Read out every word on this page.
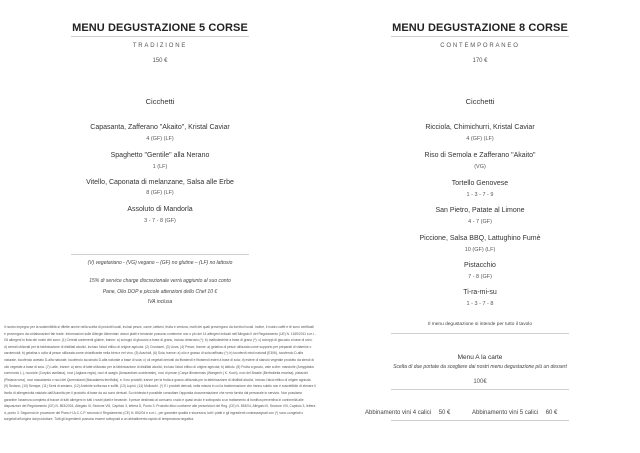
MENU DEGUSTAZIONE 5 CORSE
TRADIZIONE
150 €
Cicchetti
Capasanta, Zafferano "Akaito", Kristal Caviar
4 (GF) (LF)
Spaghetto "Gentile" alla Nerano
1 (LF)
Vitello, Caponata di melanzane, Salsa alle Erbe
8 (GF) (LF)
Assoluto di Mandorla
3 - 7 - 8 (GF)
(V) vegetariano - (VG) vegano – (GF) no glutine – (LF) no lattosio
15% di service charge discrezionale verrà aggiunto al suo conto
Pane, Olio DOP e piccole attenzioni dello Chef 10 €
IVA inclusa
Il nostro impegno per la sostenibilità si riflette anche nella scelta di prodotti locali, inclusi pesce, carne, latticini, frutta e verdura, molti dei quali provengono da fornitori locali. Inoltre, il nostro caffè e tè sono certificati e provengono da collaborazioni fair trade. Informazioni sulle Allergie Alimentari: alcuni piatti e bevande possono contenere uno o più dei 14 allergeni indicati nell'Allegato II del Regolamento (UE) N. 1169/2011 s.m.i.. Gli allergeni in lista dei nostri cibi sono: (1) Cereali contenenti glutine, tranne: a) sciroppi di glucosio a base di grano, incluso destrosio (*); b) maltodestrine a base di grano (*); c) sciroppi di glucosio a base di orzo; d) cereali utilizzati per la fabbricazione di distillati alcolici, incluso l'alcol etilico di origine agricola. (2) Crostacei, (3) Uova, (4) Pesce, tranne: a) gelatina di pesce utilizzata come supporto per preparati di vitamine o carotenoidi; b) gelatina o colla di pesce utilizzata come chiarificante nella birra e nel vino. (5) Arachidi, (6) Soia, tranne: a) olio e grasso di soia raffinato (*); b) tocoferoli misti naturali (E306), tocoferolo D-alfa naturale, tocoferolo acetato D-alfa naturale, tocoferolo succinato D-alfa naturale a base di soia; c) oli vegetali derivati da fitosteroli e fitosteroli esteri a base di soia; d) estere di stanolo vegetale prodotto da steroli di olio vegetale a base di soia. (7) Latte, tranne: a) siero di latte utilizzato per la fabbricazione di distillati alcolici, incluso l'alcol etilico di origine agricola; b) lattiolo. (8) Frutta a guscio, vale a dire: mandorle (Amygdalus communis L.), nocciole (Corylus avellana), noci (Juglans regia), noci di acagiù (Anacardium occidentale), noci di pecan (Carya illinoinensis (Wangenh.) K. Koch), noci del Brasile (Bertholletia excelsa), pistacchi (Pistacia vera), noci macadamia o noci del Queensland (Macadamia ternifolia), e i loro prodotti, tranne per la frutta a guscio utilizzata per la fabbricazione di distillati alcolici, incluso l'alcol etilico di origine agricola. (9) Sedano, (10) Senape, (11) Semi di sesamo, (12) Anidride solforosa e solfiti, (13) Lupini, (14) Molluschi. (*) E i prodotti derivati, nella misura in cui la trasformazione che hanno subito non è suscettibile di elevare il livello di allergenicità valutato dall'Autorità per il prodotto di base da cui sono derivati. Su richiesta è possibile consultare l'apposita documentazione che verrà fornita dal personale in servizio. Non possiamo garantire l'assenza completa di tracce di tutti allergeni in tutti i nostri piatti e bevande. Il pesce destinato al consumo crudo e quasi crudo è sottoposto a un trattamento di bonifica preventiva in conformità alle disposizioni del Regolamento (CE) N. 853/2004, Allegato III, Sezione VIII, Capitolo 3, lettera D, Punto 3. Prodotto ittico conforme alle prescrizioni del Reg. (CE) N. 853/04, Allegato III, Sezione VIII, Capitolo 3, lettera d, punto 3. Seguendo le procedure del Piano H.A.C.C.P. secondo il Regolamento (CE) N. 852/04 e s.m.i., per garantire qualità e sicurezza, tutti i piatti e gli ingredienti contrassegnati con (*) sono congelati o surgelati all'origine dal produttore. Tutti gli ingredienti possono essere sottoposti a un abbattimento rapido di temperatura negativa.
MENU DEGUSTAZIONE 8 CORSE
CONTEMPORANEO
170 €
Cicchetti
Ricciola, Chimichurri, Kristal Caviar
4 (GF) (LF)
Riso di Semola e Zafferano "Akaito"
(VG)
Tortello Genovese
1 - 3 - 7 - 9
San Pietro, Patate al Limone
4 - 7 (GF)
Piccione, Salsa BBQ, Lattughino Fumè
10 (GF) (LF)
Pistacchio
7 - 8 (GF)
Ti-ra-mi-su
1 - 3 - 7 - 8
Il menu degustazione si intende per tutto il tavolo
Menu A la carte
Scelta di due portate da scegliere dai nostri menu degustazione più un dessert
100€
Abbinamento vini 4 calici 50 €	Abbinamento vini 5 calici 60 €
